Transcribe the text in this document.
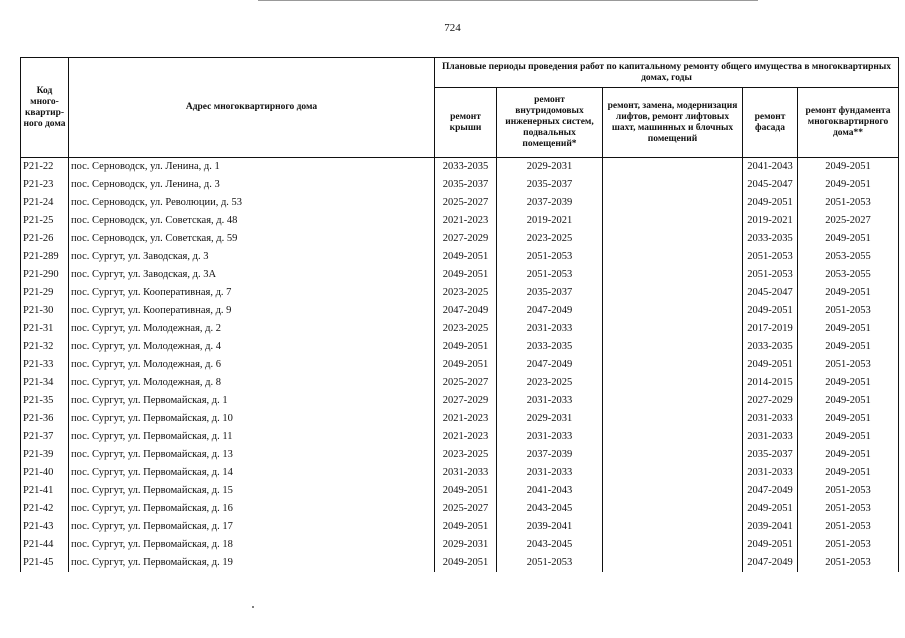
724
Код много-квартир-ного дома	Адрес многоквартирного дома	Плановые периоды проведения работ по капитальному ремонту общего имущества в многоквартирных домах, годы				
		ремонт крыши	ремонт внутридомовых инженерных систем, подвальных помещений*	ремонт, замена, модернизация лифтов, ремонт лифтовых шахт, машинных и блочных помещений	ремонт фасада	ремонт фундамента многоквартирного дома**
P21-22	пос. Серноводск, ул. Ленина, д. 1	2033-2035	2029-2031		2041-2043	2049-2051
P21-23	пос. Серноводск, ул. Ленина, д. 3	2035-2037	2035-2037		2045-2047	2049-2051
P21-24	пос. Серноводск, ул. Революции, д. 53	2025-2027	2037-2039		2049-2051	2051-2053
P21-25	пос. Серноводск, ул. Советская, д. 48	2021-2023	2019-2021		2019-2021	2025-2027
P21-26	пос. Серноводск, ул. Советская, д. 59	2027-2029	2023-2025		2033-2035	2049-2051
P21-289	пос. Сургут, ул. Заводская, д. 3	2049-2051	2051-2053		2051-2053	2053-2055
P21-290	пос. Сургут, ул. Заводская, д. 3А	2049-2051	2051-2053		2051-2053	2053-2055
P21-29	пос. Сургут, ул. Кооперативная, д. 7	2023-2025	2035-2037		2045-2047	2049-2051
P21-30	пос. Сургут, ул. Кооперативная, д. 9	2047-2049	2047-2049		2049-2051	2051-2053
P21-31	пос. Сургут, ул. Молодежная, д. 2	2023-2025	2031-2033		2017-2019	2049-2051
P21-32	пос. Сургут, ул. Молодежная, д. 4	2049-2051	2033-2035		2033-2035	2049-2051
P21-33	пос. Сургут, ул. Молодежная, д. 6	2049-2051	2047-2049		2049-2051	2051-2053
P21-34	пос. Сургут, ул. Молодежная, д. 8	2025-2027	2023-2025		2014-2015	2049-2051
P21-35	пос. Сургут, ул. Первомайская, д. 1	2027-2029	2031-2033		2027-2029	2049-2051
P21-36	пос. Сургут, ул. Первомайская, д. 10	2021-2023	2029-2031		2031-2033	2049-2051
P21-37	пос. Сургут, ул. Первомайская, д. 11	2021-2023	2031-2033		2031-2033	2049-2051
P21-39	пос. Сургут, ул. Первомайская, д. 13	2023-2025	2037-2039		2035-2037	2049-2051
P21-40	пос. Сургут, ул. Первомайская, д. 14	2031-2033	2031-2033		2031-2033	2049-2051
P21-41	пос. Сургут, ул. Первомайская, д. 15	2049-2051	2041-2043		2047-2049	2051-2053
P21-42	пос. Сургут, ул. Первомайская, д. 16	2025-2027	2043-2045		2049-2051	2051-2053
P21-43	пос. Сургут, ул. Первомайская, д. 17	2049-2051	2039-2041		2039-2041	2051-2053
P21-44	пос. Сургут, ул. Первомайская, д. 18	2029-2031	2043-2045		2049-2051	2051-2053
P21-45	пос. Сургут, ул. Первомайская, д. 19	2049-2051	2051-2053		2047-2049	2051-2053
